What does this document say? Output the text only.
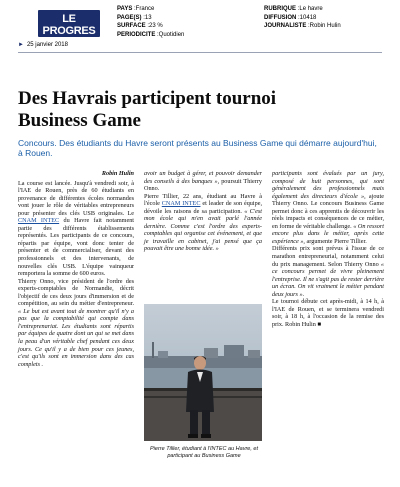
LE PROGRES
DE FECAMP
PAYS :France
PAGE(S) :13
SURFACE :23 %
PERIODICITE :Quotidien
RUBRIQUE :Le havre
DIFFUSION :10418
JOURNALISTE :Robin Hulin
► 25 janvier 2018
Des Havrais participent tournoi Business Game

Concours. Des étudiants du Havre seront présents au Business Game qui démarre aujourd'hui, à Rouen.

Robin Hulin

La course est lancée. Jusqu'à vendredi soir, à l'IAE de Rouen, près de 60 étudiants en provenance de différentes écoles normandes vont jouer le rôle de véritables entrepreneurs pour présenter des clés USB originales. Le CNAM INTEC du Havre fait notamment partie des différents établissements représentés. Les participants de ce concours, répartis par équipe, vont donc tenter de présenter et de commercialiser, devant des professionnels et des intervenants, de nouvelles clés USB. L'équipe vainqueur remportera la somme de 600 euros.

Thierry Onno, vice président de l'ordre des experts-comptables de Normandie, décrit l'objectif de ces deux jours d'immersion et de compétition, au sein du métier d'entrepreneur. « Le but est avant tout de montrer qu'il n'y a pas que la comptabilité qui compte dans l'entreprenariat. Les étudiants sont répartis par équipes de quatre dont un qui se met dans la peau d'un véritable chef pendant ces deux jours. Ce qu'il y a de bien pour ces jeunes, c'est qu'ils sont en immersion dans des cas complets .

avoir un budget à gérer, et pouvoir demander des conseils à des banques », poursuit Thierry Onno.

Pierre Tillier, 22 ans, étudiant au Havre à l'école CNAM INTEC et leader de son équipe, dévoile les raisons de sa participation. « C'est mon école qui m'en avait parlé l'année dernière. Comme c'est l'ordre des experts-comptables qui organise cet événement, et que je travaille en cabinet, j'ai pensé que ça pouvait être une bonne idée. »

Pierre Tillier, étudiant à l'INTEC au Havre, et participant au Business Game

participants sont évalués par un jury, composé de huit personnes, qui sont généralement des professionnels mais également des directeurs d'école », ajoute Thierry Onno. Le concours Business Game permet donc à ces apprentis de découvrir les réels impacts et conséquences de ce métier, en forme de véritable challenge. « On ressort encore plus dans le métier, après cette expérience », argumente Pierre Tillier.

Différents prix sont prévus à l'issue de ce marathon entrepreneurial, notamment celui du prix management. Selon Thierry Onno « ce concours permet de vivre pleinement l'entreprise. Il ne s'agit pas de rester derrière un écran. On vit vraiment le métier pendant deux jours ».

Le tournoi débute cet après-midi, à 14 h, à l'IAE de Rouen, et se terminera vendredi soir, à 18 h, à l'occasion de la remise des prix. Robin Hulin ■
